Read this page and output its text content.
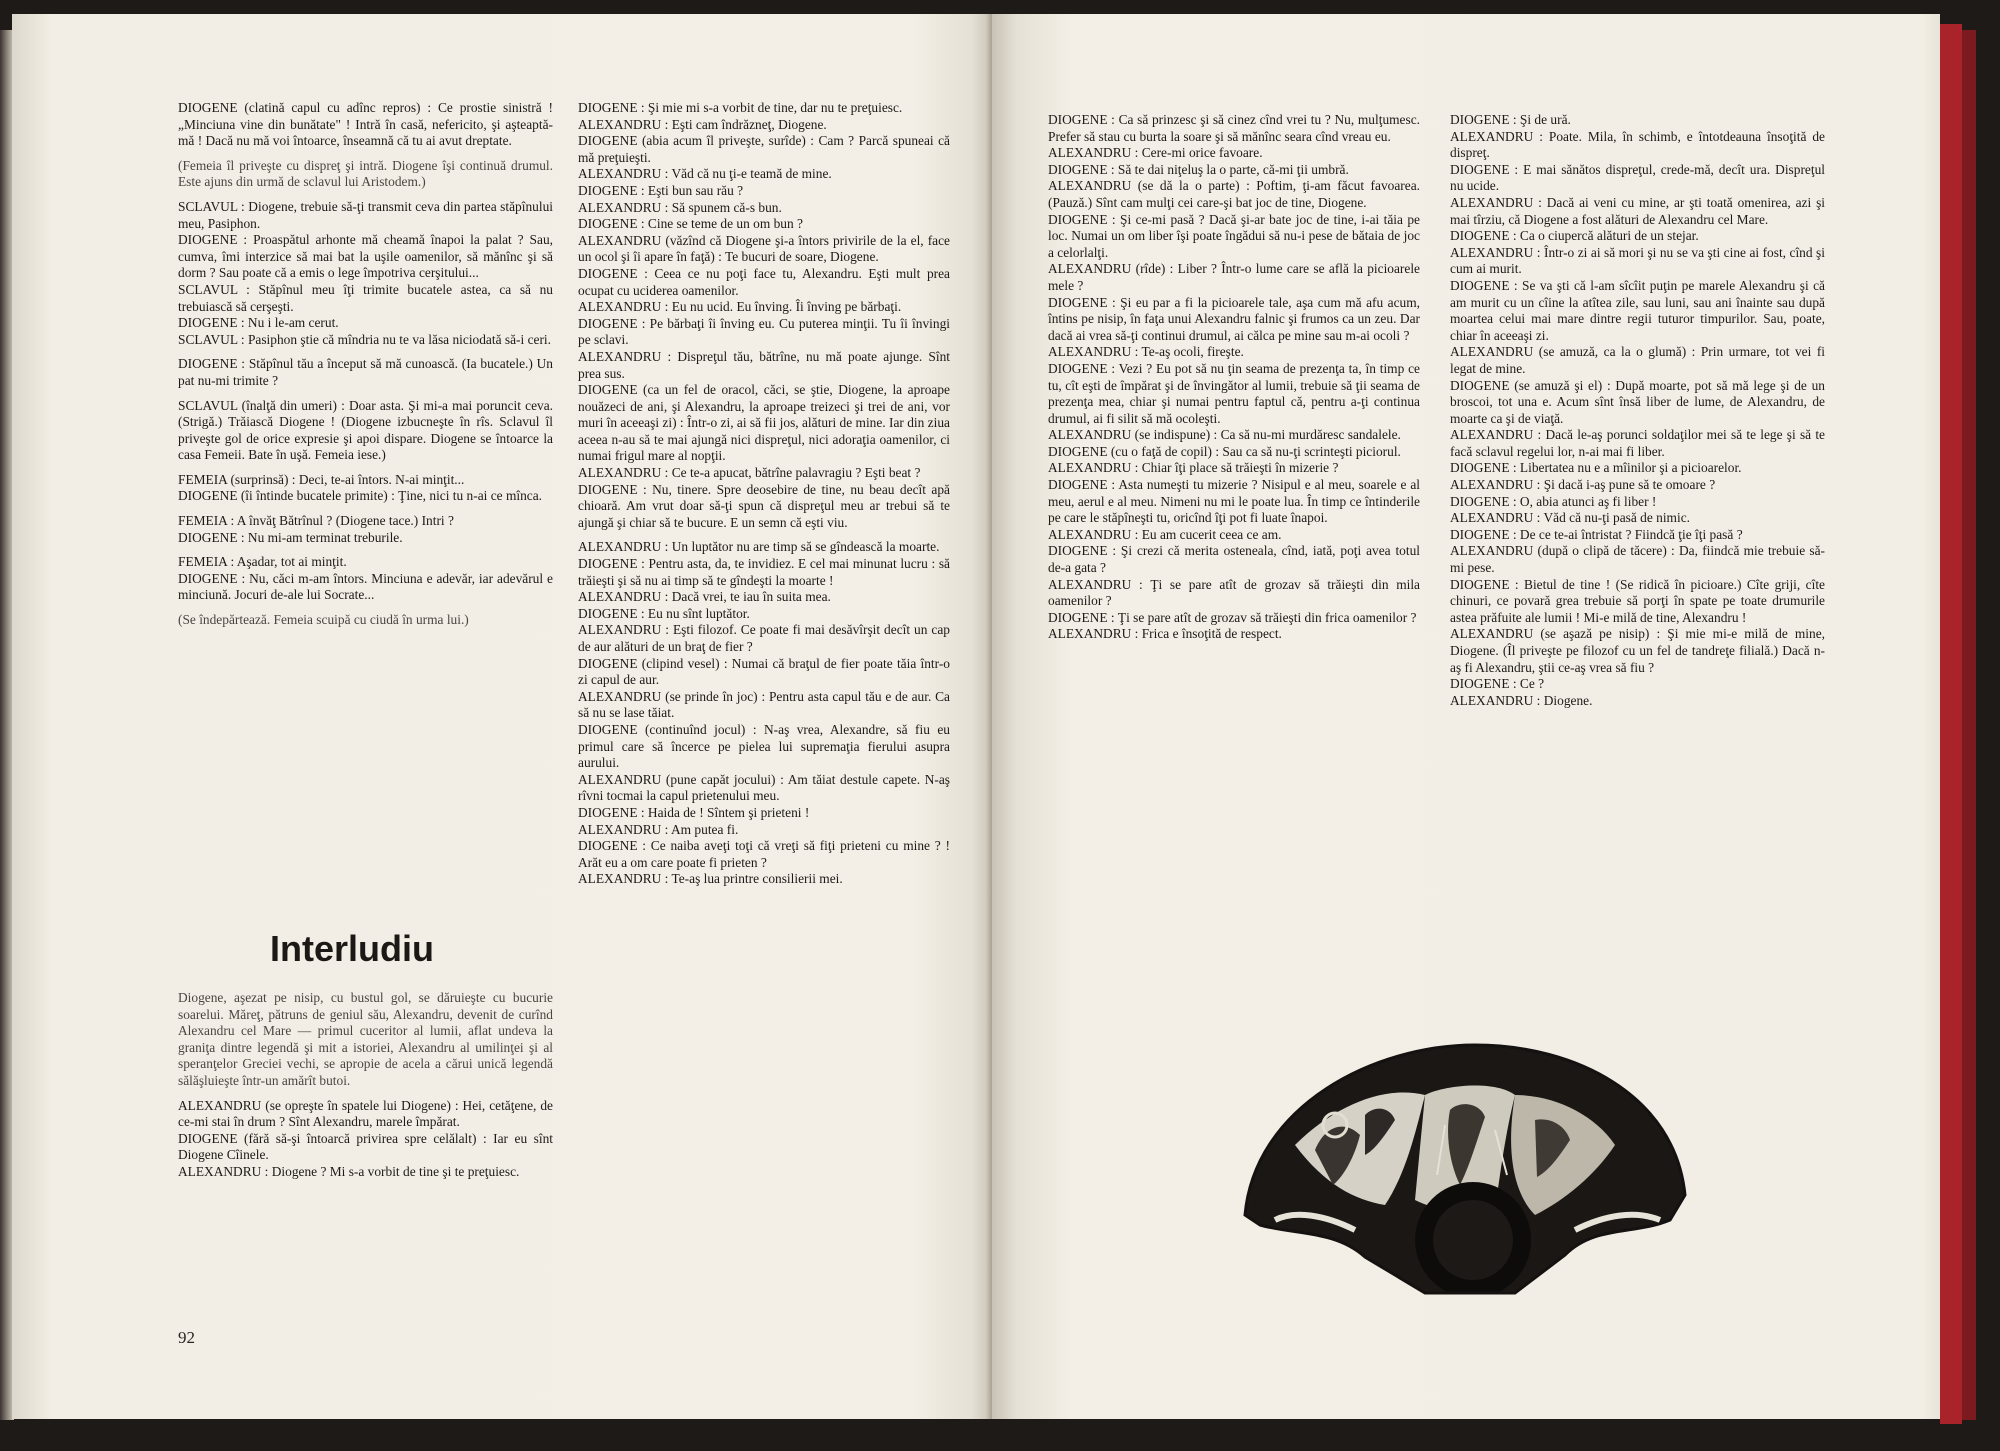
DIOGENE (clatină capul cu adînc repros) : Ce prostie sinistră ! „Minciuna vine din bunătate" ! Intră în casă, nefericito, şi aşteaptă-mă ! Dacă nu mă voi întoarce, înseamnă că tu ai avut dreptate.

(Femeia îl priveşte cu dispreţ şi intră. Diogene îşi continuă drumul. Este ajuns din urmă de sclavul lui Aristodem.)

SCLAVUL : Diogene, trebuie să-ţi transmit ceva din partea stăpînului meu, Pasiphon.

DIOGENE : Proaspătul arhonte mă cheamă înapoi la palat ? Sau, cumva, îmi interzice să mai bat la uşile oamenilor, să mănînc şi să dorm ? Sau poate că a emis o lege împotriva cerşitului...

SCLAVUL : Stăpînul meu îţi trimite bucatele astea, ca să nu trebuiască să cerşeşti.

DIOGENE : Nu i le-am cerut.

SCLAVUL : Pasiphon ştie că mîndria nu te va lăsa niciodată să-i ceri.

DIOGENE : Stăpînul tău a început să mă cunoască. (Ia bucatele.) Un pat nu-mi trimite ?

SCLAVUL (înalţă din umeri) : Doar asta. Şi mi-a mai poruncit ceva. (Strigă.) Trăiască Diogene ! (Diogene izbucneşte în rîs. Sclavul îl priveşte gol de orice expresie şi apoi dispare. Diogene se întoarce la casa Femeii. Bate în uşă. Femeia iese.)

FEMEIA (surprinsă) : Deci, te-ai întors. N-ai minţit...

DIOGENE (îi întinde bucatele primite) : Ţine, nici tu n-ai ce mînca.

FEMEIA : A învăţ Bătrînul ? (Diogene tace.) Intri ?

DIOGENE : Nu mi-am terminat treburile.

FEMEIA : Aşadar, tot ai minţit.

DIOGENE : Nu, căci m-am întors. Minciuna e adevăr, iar adevărul e minciună. Jocuri de-ale lui Socrate...

(Se îndepărtează. Femeia scuipă cu ciudă în urma lui.)

Interludiu

Diogene, aşezat pe nisip, cu bustul gol, se dăruieşte cu bucurie soarelui. Măreţ, pătruns de geniul său, Alexandru, devenit de curînd Alexandru cel Mare — primul cuceritor al lumii, aflat undeva la graniţa dintre legendă şi mit a istoriei, Alexandru al umilinţei şi al speranţelor Greciei vechi, se apropie de acela a cărui unică legendă sălăşluieşte într-un amărît butoi.

ALEXANDRU (se opreşte în spatele lui Diogene) : Hei, cetăţene, de ce-mi stai în drum ? Sînt Alexandru, marele împărat.

DIOGENE (fără să-şi întoarcă privirea spre celălalt) : Iar eu sînt Diogene Cîinele.

ALEXANDRU : Diogene ? Mi s-a vorbit de tine şi te preţuiesc.

DIOGENE : Şi mie mi s-a vorbit de tine, dar nu te preţuiesc.

ALEXANDRU : Eşti cam îndrăzneţ, Diogene.

DIOGENE (abia acum îl priveşte, surîde) : Cam ? Parcă spuneai că mă preţuieşti.

ALEXANDRU : Văd că nu ţi-e teamă de mine.

DIOGENE : Eşti bun sau rău ?

ALEXANDRU : Să spunem că-s bun.

DIOGENE : Cine se teme de un om bun ?

ALEXANDRU (văzînd că Diogene şi-a întors privirile de la el, face un ocol şi îi apare în faţă) : Te bucuri de soare, Diogene.

DIOGENE : Ceea ce nu poţi face tu, Alexandru. Eşti mult prea ocupat cu uciderea oamenilor.

ALEXANDRU : Eu nu ucid. Eu înving. Îi înving pe bărbaţi.

DIOGENE : Pe bărbaţi îi înving eu. Cu puterea minţii. Tu îi învingi pe sclavi.

ALEXANDRU : Dispreţul tău, bătrîne, nu mă poate ajunge. Sînt prea sus.

DIOGENE (ca un fel de oracol, căci, se ştie, Diogene, la aproape nouăzeci de ani, şi Alexandru, la aproape treizeci şi trei de ani, vor muri în aceeaşi zi) : Într-o zi, ai să fii jos, alături de mine. Iar din ziua aceea n-au să te mai ajungă nici dispreţul, nici adoraţia oamenilor, ci numai frigul mare al nopţii.

ALEXANDRU : Ce te-a apucat, bătrîne palavragiu ? Eşti beat ?

DIOGENE : Nu, tinere. Spre deosebire de tine, nu beau decît apă chioară. Am vrut doar să-ţi spun că dispreţul meu ar trebui să te ajungă şi chiar să te bucure. E un semn că eşti viu.

ALEXANDRU : Un luptător nu are timp să se gîndească la moarte.

DIOGENE : Pentru asta, da, te invidiez. E cel mai minunat lucru : să trăieşti şi să nu ai timp să te gîndeşti la moarte !

ALEXANDRU : Dacă vrei, te iau în suita mea.

DIOGENE : Eu nu sînt luptător.

ALEXANDRU : Eşti filozof. Ce poate fi mai desăvîrşit decît un cap de aur alături de un braţ de fier ?

DIOGENE (clipind vesel) : Numai că braţul de fier poate tăia într-o zi capul de aur.

ALEXANDRU (se prinde în joc) : Pentru asta capul tău e de aur. Ca să nu se lase tăiat.

DIOGENE (continuînd jocul) : N-aş vrea, Alexandre, să fiu eu primul care să încerce pe pielea lui supremaţia fierului asupra aurului.

ALEXANDRU (pune capăt jocului) : Am tăiat destule capete. N-aş rîvni tocmai la capul prietenului meu.

DIOGENE : Haida de ! Sîntem şi prieteni !

ALEXANDRU : Am putea fi.

DIOGENE : Ce naiba aveţi toţi că vreţi să fiţi prieteni cu mine ? ! Arăt eu a om care poate fi prieten ?

ALEXANDRU : Te-aş lua printre consilierii mei.

92

DIOGENE : Ca să prinzesc şi să cinez cînd vrei tu ? Nu, mulţumesc. Prefer să stau cu burta la soare şi să mănînc seara cînd vreau eu.

ALEXANDRU : Cere-mi orice favoare.

DIOGENE : Să te dai niţeluş la o parte, că-mi ţii umbră.

ALEXANDRU (se dă la o parte) : Poftim, ţi-am făcut favoarea. (Pauză.) Sînt cam mulţi cei care-şi bat joc de tine, Diogene.

DIOGENE : Şi ce-mi pasă ? Dacă şi-ar bate joc de tine, i-ai tăia pe loc. Numai un om liber îşi poate îngădui să nu-i pese de bătaia de joc a celorlalţi.

ALEXANDRU (rîde) : Liber ? Într-o lume care se află la picioarele mele ?

DIOGENE : Şi eu par a fi la picioarele tale, aşa cum mă afu acum, întins pe nisip, în faţa unui Alexandru falnic şi frumos ca un zeu. Dar dacă ai vrea să-ţi continui drumul, ai călca pe mine sau m-ai ocoli ?

ALEXANDRU : Te-aş ocoli, fireşte.

DIOGENE : Vezi ? Eu pot să nu ţin seama de prezenţa ta, în timp ce tu, cît eşti de împărat şi de învingător al lumii, trebuie să ţii seama de prezenţa mea, chiar şi numai pentru faptul că, pentru a-ţi continua drumul, ai fi silit să mă ocoleşti.

ALEXANDRU (se indispune) : Ca să nu-mi murdăresc sandalele.

DIOGENE (cu o faţă de copil) : Sau ca să nu-ţi scrinteşti piciorul.

ALEXANDRU : Chiar îţi place să trăieşti în mizerie ?

DIOGENE : Asta numeşti tu mizerie ? Nisipul e al meu, soarele e al meu, aerul e al meu. Nimeni nu mi le poate lua. În timp ce întinderile pe care le stăpîneşti tu, oricînd îţi pot fi luate înapoi.

ALEXANDRU : Eu am cucerit ceea ce am.

DIOGENE : Şi crezi că merita osteneala, cînd, iată, poţi avea totul de-a gata ?

ALEXANDRU : Ţi se pare atît de grozav să trăieşti din mila oamenilor ?

DIOGENE : Ţi se pare atît de grozav să trăieşti din frica oamenilor ?

ALEXANDRU : Frica e însoţită de respect.

DIOGENE : Şi de ură.

ALEXANDRU : Poate. Mila, în schimb, e întotdeauna însoţită de dispreţ.

DIOGENE : E mai sănătos dispreţul, crede-mă, decît ura. Dispreţul nu ucide.

ALEXANDRU : Dacă ai veni cu mine, ar şti toată omenirea, azi şi mai tîrziu, că Diogene a fost alături de Alexandru cel Mare.

DIOGENE : Ca o ciupercă alături de un stejar.

ALEXANDRU : Într-o zi ai să mori şi nu se va şti cine ai fost, cînd şi cum ai murit.

DIOGENE : Se va şti că l-am sîcîit puţin pe marele Alexandru şi că am murit cu un cîine la atîtea zile, sau luni, sau ani înainte sau după moartea celui mai mare dintre regii tuturor timpurilor. Sau, poate, chiar în aceeaşi zi.

ALEXANDRU (se amuză, ca la o glumă) : Prin urmare, tot vei fi legat de mine.

DIOGENE (se amuză şi el) : După moarte, pot să mă lege şi de un broscoi, tot una e. Acum sînt însă liber de lume, de Alexandru, de moarte ca şi de viaţă.

ALEXANDRU : Dacă le-aş porunci soldaţilor mei să te lege şi să te facă sclavul regelui lor, n-ai mai fi liber.

DIOGENE : Libertatea nu e a mîinilor şi a picioarelor.

ALEXANDRU : Şi dacă i-aş pune să te omoare ?

DIOGENE : O, abia atunci aş fi liber !

ALEXANDRU : Văd că nu-ţi pasă de nimic.

DIOGENE : De ce te-ai întristat ? Fiindcă ţie îţi pasă ?

ALEXANDRU (după o clipă de tăcere) : Da, fiindcă mie trebuie să-mi pese.

DIOGENE : Bietul de tine ! (Se ridică în picioare.) Cîte griji, cîte chinuri, ce povară grea trebuie să porţi în spate pe toate drumurile astea prăfuite ale lumii ! Mi-e milă de tine, Alexandru !

ALEXANDRU (se aşază pe nisip) : Şi mie mi-e milă de mine, Diogene. (Îl priveşte pe filozof cu un fel de tandreţe filială.) Dacă n-aş fi Alexandru, ştii ce-aş vrea să fiu ?

DIOGENE : Ce ?

ALEXANDRU : Diogene.
